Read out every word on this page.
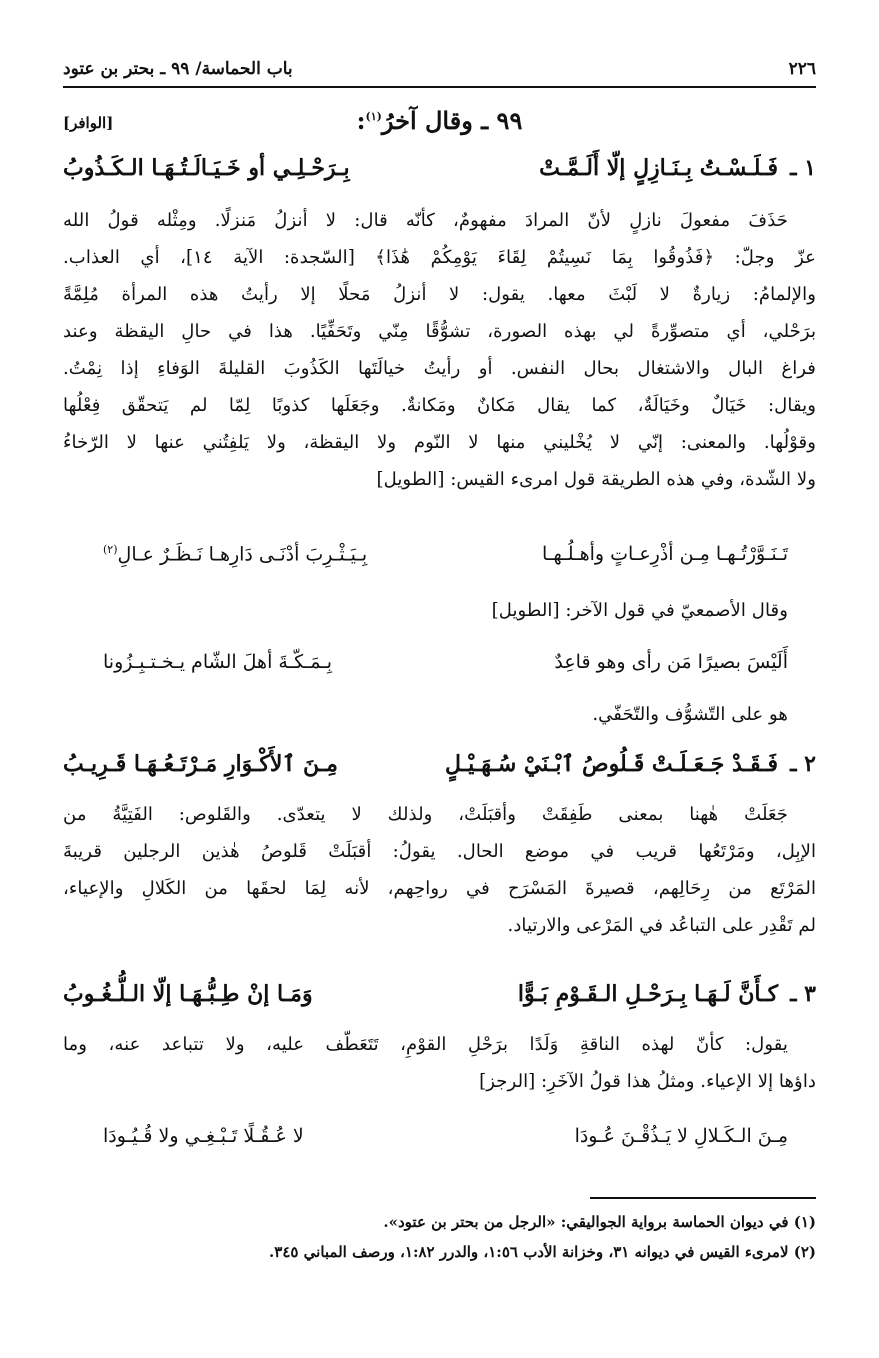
٢٢٦
باب الحماسة/ ٩٩ ـ بحتر بن عتود
٩٩ ـ وقال آخرُ$^{(١)}$:
[الوافر]
١ ـ
فَـلَـسْـتُ بِـنَـازِلٍ إلّا أَلَـمَّـتْ
بِـرَحْـلِـي أو خَـيَـالَـتُـهَـا الـكَـذُوبُ
حَذَفَ مفعولَ نازلٍ لأنّ المرادَ مفهومٌ، كأنّه قال: لا أنزلُ مَنزلًا. ومِثْله قولُ الله
عزّ وجلّ: ﴿فَذُوقُوا بِمَا نَسِيتُمْ لِقَاءَ يَوْمِكُمْ هَٰذَا﴾ [السّجدة: الآية ١٤]، أي العذاب.
والإلمامُ: زيارةٌ لا لَبْثَ معها. يقول: لا أنزلُ مَحلًا إلا رأيتُ هذه المرأة مُلِمَّةً
برَحْلي، أي متصوِّرةً لي بهذه الصورة، تشوُّقًا مِنّي وتَحَفِّيًا. هذا في حالِ اليقظة وعند
فراغ البال والاشتغال بحال النفس. أو رأيتُ خيالَتَها الكَذُوبَ القليلةَ الوَفاءِ إذا نِمْتُ.
ويقال: خَيَالٌ وخَيَالَةٌ، كما يقال مَكانٌ ومَكانةٌ. وجَعَلَها كذوبًا لِمّا لم يَتحقّق فِعْلُها
وقوْلُها. والمعنى: إنّي لا يُخْليني منها لا النّوم ولا اليقظة، ولا يَلفِتُني عنها لا الرّخاءُ
ولا الشّدة، وفي هذه الطريقة قول امرىء القيس: [الطويل]
تَـنَـوَّرْتُـهـا مِـن أذْرِعـاتٍ وأهـلُـهـا
بِـيَـثْـرِبَ أدْنَـى دَارِهـا نَـظَـرٌ عـالِ$^{(٢)}$
وقال الأصمعيّ في قول الآخر: [الطويل]
أَلَيْسَ بصيرًا مَن رأى وهو قاعِدٌ
بِـمَـكّـةَ أهلَ الشّام يـخـتـبِـزُونا
هو على التّشوُّف والتّحَفّي.
٢ ـ
فَـقَـدْ جَـعَـلَـتْ قَـلُوصُ ٱبْـنَيْ سُـهَـيْـلٍ
مِـنَ ٱلأَكْـوَارِ مَـرْتَـعُـهَـا قَـرِيـبُ
جَعَلَتْ هٰهنا بمعنى طَفِقَتْ وأقبَلَتْ، ولذلك لا يتعدّى. والقَلوص: الفَتِيَّةُ من
الإبِل، ومَرْتَعُها قريب في موضع الحال. يقولُ: أقبَلَتْ قَلوصُ هٰذين الرجلين قريبةَ
المَرْتَع من رِحَالِهم، قصيرةَ المَسْرَح في رواحِهم، لأنه لِمَا لحقَها من الكَلالِ والإعياء،
لم تَقْدِر على التباعُد في المَرْعى والارتياد.
٣ ـ
كـأَنَّ لَـهَـا بِـرَحْـلِ الـقَـوْمِ بَـوًّا
وَمَـا إنْ طِـبُّـهَـا إلّا الـلُّـغُـوبُ
يقول: كأنّ لهذه الناقةِ وَلَدًا برَحْلِ القوْمِ، تَتَعَطّف عليه، ولا تتباعد عنه، وما
داؤها إلا الإعياء. ومثلُ هذا قولُ الآخَرِ: [الرجز]
مِـنَ الـكَـلالِ لا يَـذُقْـنَ عُـودَا
لا عُـقُـلًا تَـبْـغِـي ولا قُـيُـودَا
(١) في ديوان الحماسة برواية الجواليقي: «الرجل من بحتر بن عتود».
(٢) لامرىء القيس في ديوانه ٣١، وخزانة الأدب ١:٥٦، والدرر ١:٨٢، ورصف المباني ٣٤٥.
